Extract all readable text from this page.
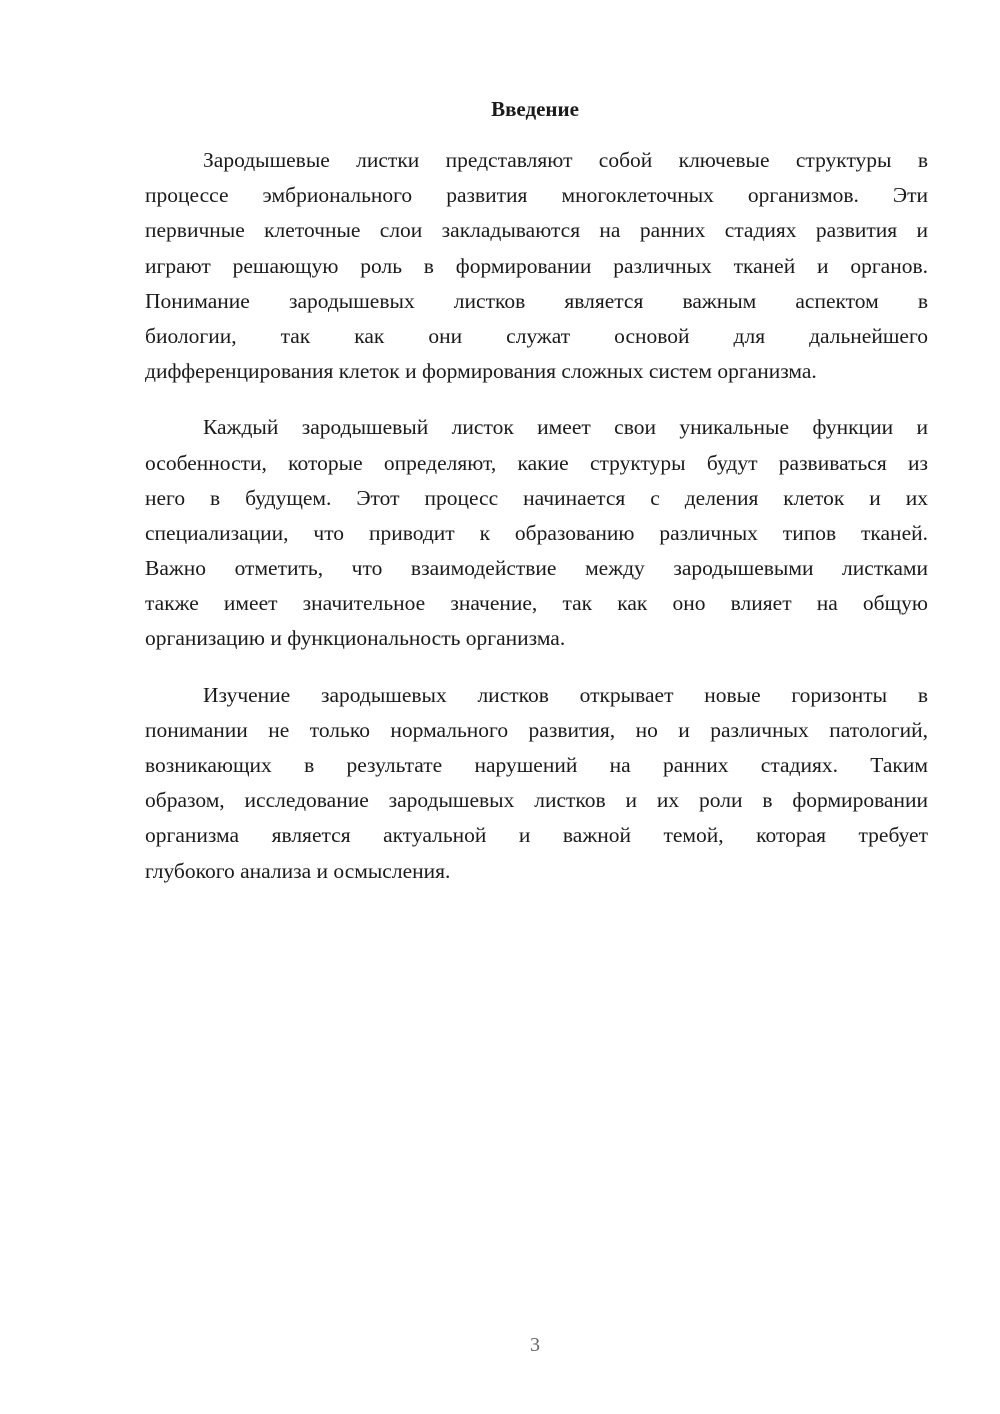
Введение
Зародышевые листки представляют собой ключевые структуры в
процессе эмбрионального развития многоклеточных организмов. Эти
первичные клеточные слои закладываются на ранних стадиях развития и
играют решающую роль в формировании различных тканей и органов.
Понимание зародышевых листков является важным аспектом в
биологии, так как они служат основой для дальнейшего
дифференцирования клеток и формирования сложных систем организма.
Каждый зародышевый листок имеет свои уникальные функции и
особенности, которые определяют, какие структуры будут развиваться из
него в будущем. Этот процесс начинается с деления клеток и их
специализации, что приводит к образованию различных типов тканей.
Важно отметить, что взаимодействие между зародышевыми листками
также имеет значительное значение, так как оно влияет на общую
организацию и функциональность организма.
Изучение зародышевых листков открывает новые горизонты в
понимании не только нормального развития, но и различных патологий,
возникающих в результате нарушений на ранних стадиях. Таким
образом, исследование зародышевых листков и их роли в формировании
организма является актуальной и важной темой, которая требует
глубокого анализа и осмысления.
3
